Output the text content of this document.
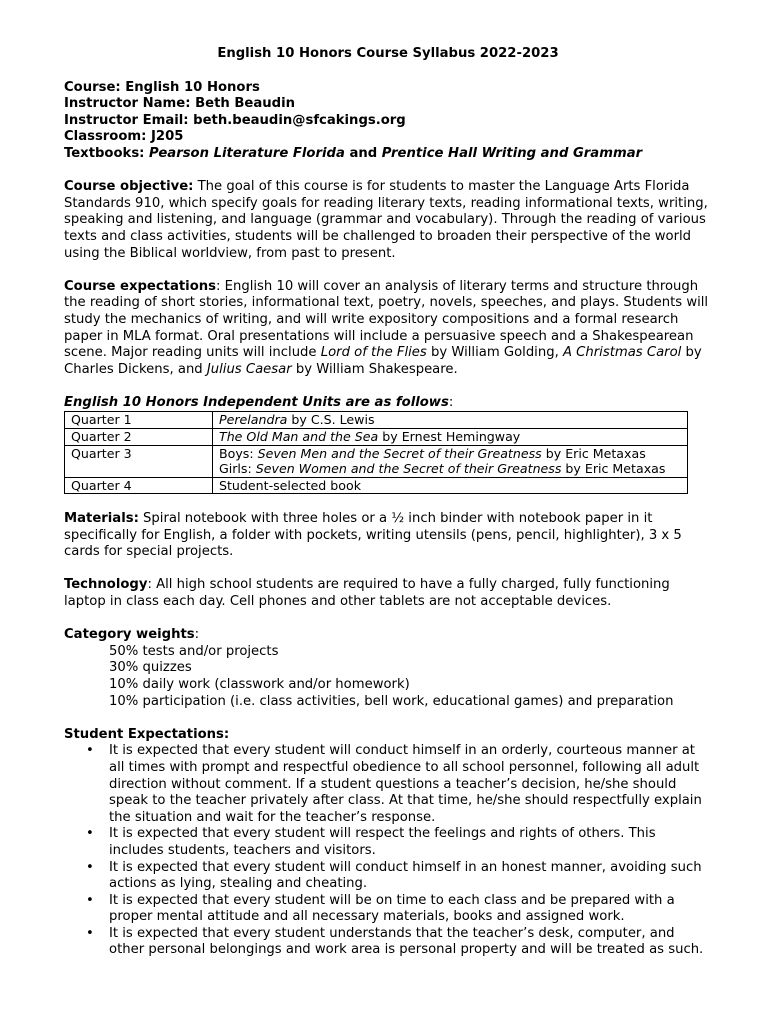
English 10 Honors Course Syllabus 2022-2023

Course: English 10 Honors

Instructor Name: Beth Beaudin

Instructor Email: beth.beaudin@sfcakings.org

Classroom: J205

Textbooks: Pearson Literature Florida and Prentice Hall Writing and Grammar

Course objective: The goal of this course is for students to master the Language Arts Florida Standards 910, which specify goals for reading literary texts, reading informational texts, writing, speaking and listening, and language (grammar and vocabulary). Through the reading of various texts and class activities, students will be challenged to broaden their perspective of the world using the Biblical worldview, from past to present.

Course expectations: English 10 will cover an analysis of literary terms and structure through the reading of short stories, informational text, poetry, novels, speeches, and plays. Students will study the mechanics of writing, and will write expository compositions and a formal research paper in MLA format. Oral presentations will include a persuasive speech and a Shakespearean scene. Major reading units will include Lord of the Flies by William Golding, A Christmas Carol by Charles Dickens, and Julius Caesar by William Shakespeare.

English 10 Honors Independent Units are as follows:

Quarter 1	Perelandra by C.S. Lewis
Quarter 2	The Old Man and the Sea by Ernest Hemingway
Quarter 3	Boys: Seven Men and the Secret of their Greatness by Eric Metaxas
Girls: Seven Women and the Secret of their Greatness by Eric Metaxas

Quarter 4	Student-selected book

Materials: Spiral notebook with three holes or a ½ inch binder with notebook paper in it specifically for English, a folder with pockets, writing utensils (pens, pencil, highlighter), 3 x 5 cards for special projects.

Technology: All high school students are required to have a fully charged, fully functioning laptop in class each day. Cell phones and other tablets are not acceptable devices.

Category weights:

50% tests and/or projects

30% quizzes

10% daily work (classwork and/or homework)

10% participation (i.e. class activities, bell work, educational games) and preparation

Student Expectations:

• It is expected that every student will conduct himself in an orderly, courteous manner at all times with prompt and respectful obedience to all school personnel, following all adult direction without comment. If a student questions a teacher’s decision, he/she should speak to the teacher privately after class. At that time, he/she should respectfully explain the situation and wait for the teacher’s response.
• It is expected that every student will respect the feelings and rights of others. This includes students, teachers and visitors.
• It is expected that every student will conduct himself in an honest manner, avoiding such actions as lying, stealing and cheating.
• It is expected that every student will be on time to each class and be prepared with a proper mental attitude and all necessary materials, books and assigned work.
• It is expected that every student understands that the teacher’s desk, computer, and other personal belongings and work area is personal property and will be treated as such.
